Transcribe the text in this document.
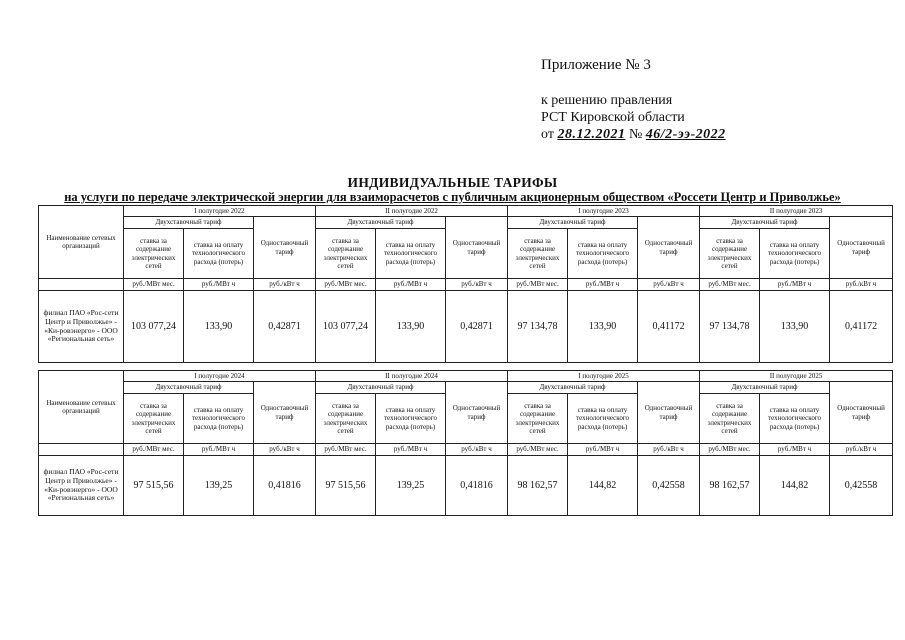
Приложение № 3
к решению правления
РСТ Кировской области
от 28.12.2021 № 46/2-ээ-2022
ИНДИВИДУАЛЬНЫЕ ТАРИФЫ
на услуги по передаче электрической энергии для взаиморасчетов с публичным акционерным обществом «Россети Центр и Приволжье»
Наименование сетевых организаций	I полугодие 2022			II полугодие 2022			I полугодие 2023			II полугодие 2023		
	Двухставочный тариф		Одноставочный тариф	Двухставочный тариф		Одноставочный тариф	Двухставочный тариф		Одноставочный тариф	Двухставочный тариф		Одноставочный тариф
	ставка за содержание электрических сетей	ставка на оплату технологического расхода (потерь)		ставка за содержание электрических сетей	ставка на оплату технологического расхода (потерь)		ставка за содержание электрических сетей	ставка на оплату технологического расхода (потерь)		ставка за содержание электрических сетей	ставка на оплату технологического расхода (потерь)	
	руб./МВт мес.	руб./МВт ч	руб./кВт ч	руб./МВт мес.	руб./МВт ч	руб./кВт ч	руб./МВт мес.	руб./МВт ч	руб./кВт ч	руб./МВт мес.	руб./МВт ч	руб./кВт ч
филиал ПАО «Рос-сети Центр и Приволжье» - «Ки-ровэнерго» - ООО «Региональная сеть»	103 077,24	133,90	0,42871	103 077,24	133,90	0,42871	97 134,78	133,90	0,41172	97 134,78	133,90	0,41172
Наименование сетевых организаций	I полугодие 2024			II полугодие 2024			I полугодие 2025			II полугодие 2025		
	Двухставочный тариф		Одноставочный тариф	Двухставочный тариф		Одноставочный тариф	Двухставочный тариф		Одноставочный тариф	Двухставочный тариф		Одноставочный тариф
	ставка за содержание электрических сетей	ставка на оплату технологического расхода (потерь)		ставка за содержание электрических сетей	ставка на оплату технологического расхода (потерь)		ставка за содержание электрических сетей	ставка на оплату технологического расхода (потерь)		ставка за содержание электрических сетей	ставка на оплату технологического расхода (потерь)	
	руб./МВт мес.	руб./МВт ч	руб./кВт ч	руб./МВт мес.	руб./МВт ч	руб./кВт ч	руб./МВт мес.	руб./МВт ч	руб./кВт ч	руб./МВт мес.	руб./МВт ч	руб./кВт ч
филиал ПАО «Рос-сети Центр и Приволжье» - «Ки-ровэнерго» - ООО «Региональная сеть»	97 515,56	139,25	0,41816	97 515,56	139,25	0,41816	98 162,57	144,82	0,42558	98 162,57	144,82	0,42558
